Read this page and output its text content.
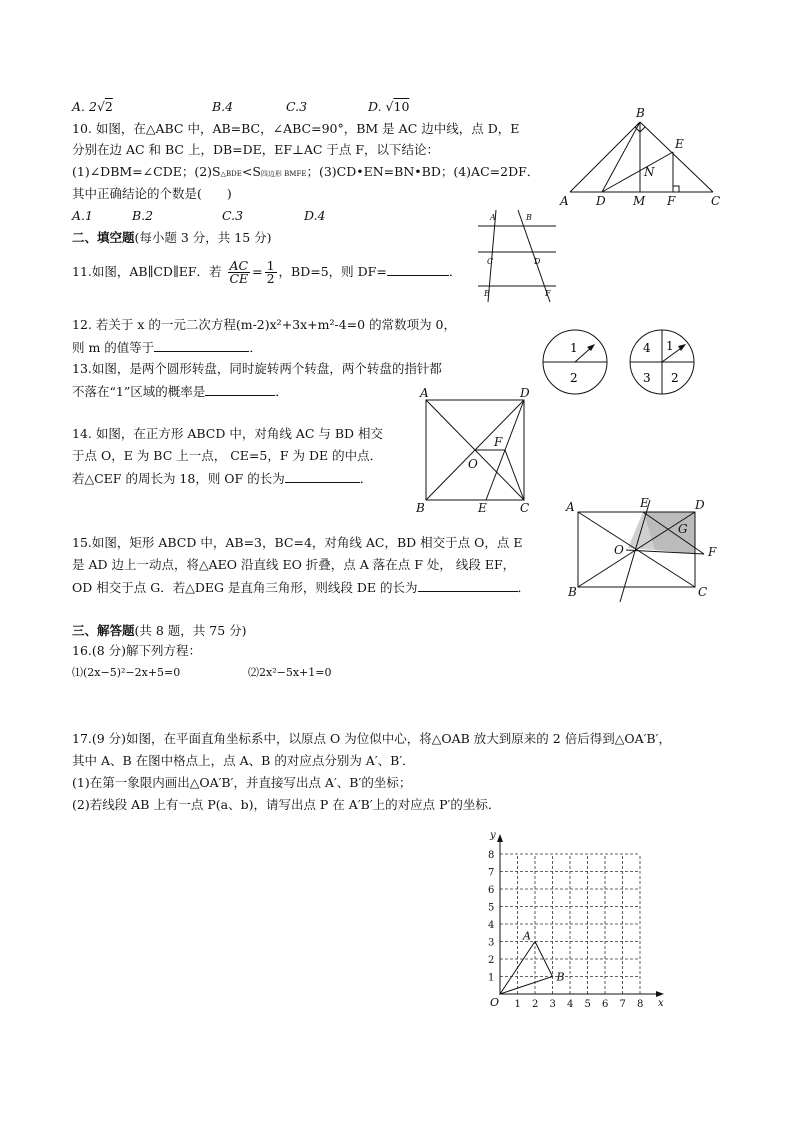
A. 2√2	B.4	C.3	D. √10
10. 如图，在△ABC 中，AB=BC，∠ABC=90°，BM 是 AC 边中线，点 D，E
分别在边 AC 和 BC 上，DB=DE，EF⊥AC 于点 F，以下结论：
(1)∠DBM=∠CDE；(2)S△BDE<S四边形 BMFE；(3)CD•EN=BN•BD；(4)AC=2DF．
其中正确结论的个数是(　　)
A.1	B.2	C.3	D.4
A
B
C
D
E
F
M
N
二、填空题(每小题 3 分，共 15 分)
11.如图，AB∥CD∥EF．若 $\frac{AC}{CE} = \frac{1}{2}$ ，BD=5，则 DF=	．
A	B
C	D
E	F
12. 若关于 x 的一元二次方程(m-2)x²+3x+m²-4=0 的常数项为 0，
则 m 的值等于	．
13.如图，是两个圆形转盘，同时旋转两个转盘，两个转盘的指针都
不落在“1”区域的概率是	．
1
2
4 1
3 2
14. 如图，在正方形 ABCD 中，对角线 AC 与 BD 相交
于点 O，E 为 BC 上一点， CE=5，F 为 DE 的中点．
若△CEF 的周长为 18，则 OF 的长为	．
A	D
B	C
E
F
O
15.如图，矩形 ABCD 中，AB=3，BC=4，对角线 AC，BD 相交于点 O，点 E
是 AD 边上一动点，将△AEO 沿直线 EO 折叠，点 A 落在点 F 处， 线段 EF，
OD 相交于点 G．若△DEG 是直角三角形，则线段 DE 的长为	．
A	E	D
G
O	F
B	C
三、解答题(共 8 题，共 75 分)
16.(8 分)解下列方程：
⑴(2x−5)²−2x+5=0	⑵2x²−5x+1=0
17.(9 分)如图，在平面直角坐标系中，以原点 O 为位似中心，将△OAB 放大到原来的 2 倍后得到△OA′B′，
其中 A、B 在图中格点上，点 A、B 的对应点分别为 A′、B′．
(1)在第一象限内画出△OA′B′，并直接写出点 A′、B′的坐标；
(2)若线段 AB 上有一点 P(a、b)，请写出点 P 在 A′B′上的对应点 P′的坐标．
1 2 3 4 5 6 7 8
1
2
3
4
5
6
7
8
O	x
y
A
B
